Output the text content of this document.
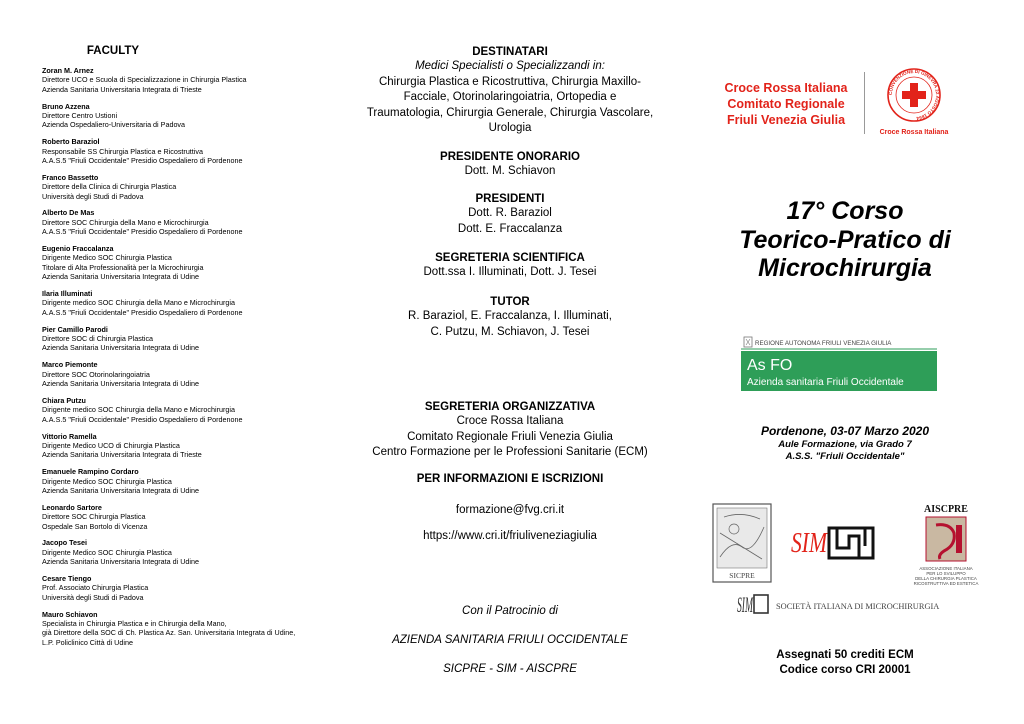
FACULTY
Zoran M. Arnez
Direttore UCO e Scuola di Specializzazione in Chirurgia Plastica
Azienda Sanitaria Universitaria Integrata di Trieste
Bruno Azzena
Direttore Centro Ustioni
Azienda Ospedaliero-Universitaria di Padova
Roberto Baraziol
Responsabile SS Chirurgia Plastica e Ricostruttiva
A.A.S.5 "Friuli Occidentale" Presidio Ospedaliero di Pordenone
Franco Bassetto
Direttore della Clinica di Chirurgia Plastica
Università degli Studi di Padova
Alberto De Mas
Direttore SOC Chirurgia della Mano e Microchirurgia
A.A.S.5 "Friuli Occidentale" Presidio Ospedaliero di Pordenone
Eugenio Fraccalanza
Dirigente Medico SOC Chirurgia Plastica
Titolare di Alta Professionalità per la Microchirurgia
Azienda Sanitaria Universitaria Integrata di Udine
Ilaria Illuminati
Dirigente medico SOC Chirurgia della Mano e Microchirurgia
A.A.S.5 "Friuli Occidentale" Presidio Ospedaliero di Pordenone
Pier Camillo Parodi
Direttore SOC di Chirurgia Plastica
Azienda Sanitaria Universitaria Integrata di Udine
Marco Piemonte
Direttore SOC Otorinolaringoiatria
Azienda Sanitaria Universitaria Integrata di Udine
Chiara Putzu
Dirigente medico SOC Chirurgia della Mano e Microchirurgia
A.A.S.5 "Friuli Occidentale" Presidio Ospedaliero di Pordenone
Vittorio Ramella
Dirigente Medico UCO di Chirurgia Plastica
Azienda Sanitaria Universitaria Integrata di Trieste
Emanuele Rampino Cordaro
Dirigente Medico SOC Chirurgia Plastica
Azienda Sanitaria Universitaria Integrata di Udine
Leonardo Sartore
Direttore SOC Chirurgia Plastica
Ospedale San Bortolo di Vicenza
Jacopo Tesei
Dirigente Medico SOC Chirurgia Plastica
Azienda Sanitaria Universitaria Integrata di Udine
Cesare Tiengo
Prof. Associato Chirurgia Plastica
Università degli Studi di Padova
Mauro Schiavon
Specialista in Chirurgia Plastica e in Chirurgia della Mano,
già Direttore della SOC di Ch. Plastica Az. San. Universitaria Integrata di Udine,
L.P. Policlinico Città di Udine
DESTINATARI
Medici Specialisti o Specializzandi in:
Chirurgia Plastica e Ricostruttiva, Chirurgia Maxillo-
Facciale, Otorinolaringoiatria, Ortopedia e
Traumatologia, Chirurgia Generale, Chirurgia Vascolare,
Urologia
PRESIDENTE ONORARIO
Dott. M. Schiavon
PRESIDENTI
Dott. R. Baraziol
Dott. E. Fraccalanza
SEGRETERIA SCIENTIFICA
Dott.ssa I. Illuminati, Dott. J. Tesei
TUTOR
R. Baraziol, E. Fraccalanza, I. Illuminati,
C. Putzu, M. Schiavon, J. Tesei
SEGRETERIA ORGANIZZATIVA
Croce Rossa Italiana
Comitato Regionale Friuli Venezia Giulia
Centro Formazione per le Professioni Sanitarie (ECM)
PER INFORMAZIONI E ISCRIZIONI
formazione@fvg.cri.it
https://www.cri.it/friuliveneziagiulia
Con il Patrocinio di
AZIENDA SANITARIA FRIULI OCCIDENTALE
SICPRE - SIM - AISCPRE
Croce Rossa Italiana
Comitato Regionale
Friuli Venezia Giulia
CONVENZIONE DI GINEVRA 22 AGOSTO 1864
Croce Rossa Italiana
17° Corso
Teorico-Pratico di
Microchirurgia
REGIONE AUTONOMA FRIULI VENEZIA GIULIA
As FO
Azienda sanitaria Friuli Occidentale
Pordenone, 03-07 Marzo 2020
Aule Formazione, via Grado 7
A.S.S. "Friuli Occidentale"
SICPRE
SIM
AISCPRE
ASSOCIAZIONE ITALIANA
PER LO SVILUPPO
DELLA CHIRURGIA PLASTICA
RICOSTRUTTIVA ED ESTETICA
SIM	SOCIETÀ ITALIANA DI MICROCHIRURGIA
Assegnati 50 crediti ECM
Codice corso CRI 20001
